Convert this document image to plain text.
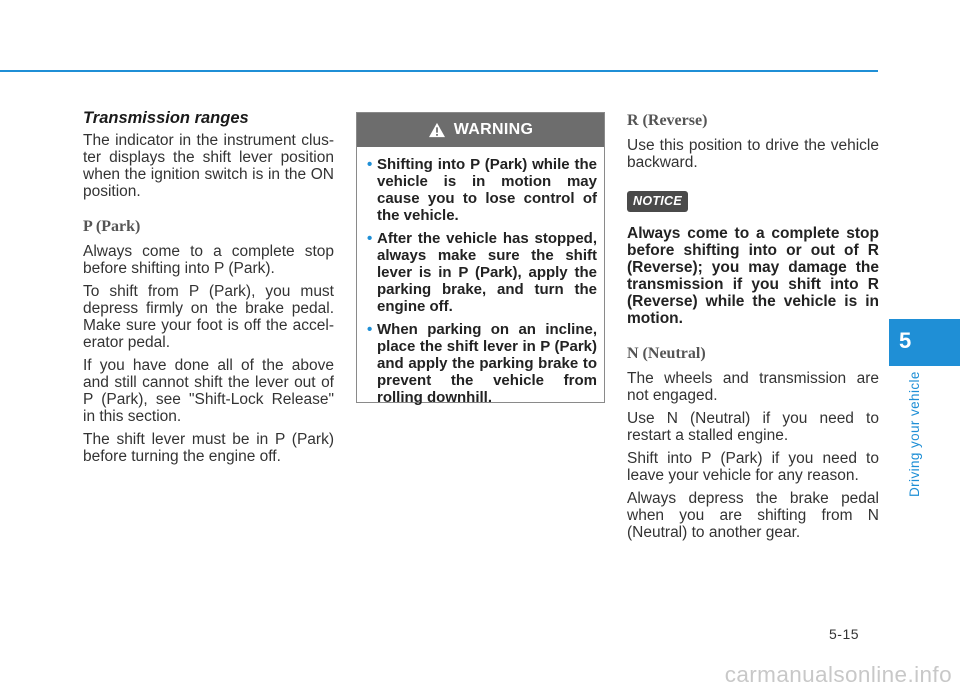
Transmission ranges

The indicator in the instrument clus-ter displays the shift lever position when the ignition switch is in the ON position.

P (Park)

Always come to a complete stop before shifting into P (Park).

To shift from P (Park), you must depress firmly on the brake pedal. Make sure your foot is off the accel-erator pedal.

If you have done all of the above and still cannot shift the lever out of P (Park), see "Shift-Lock Release" in this section.

The shift lever must be in P (Park) before turning the engine off.

WARNING
• Shifting into P (Park) while the vehicle is in motion may cause you to lose control of the vehicle.
• After the vehicle has stopped, always make sure the shift lever is in P (Park), apply the parking brake, and turn the engine off.
• When parking on an incline, place the shift lever in P (Park) and apply the parking brake to prevent the vehicle from rolling downhill.
R (Reverse)

Use this position to drive the vehicle backward.

NOTICE

Always come to a complete stop before shifting into or out of R (Reverse); you may damage the transmission if you shift into R (Reverse) while the vehicle is in motion.

N (Neutral)

The wheels and transmission are not engaged.

Use N (Neutral) if you need to restart a stalled engine.

Shift into P (Park) if you need to leave your vehicle for any reason.

Always depress the brake pedal when you are shifting from N (Neutral) to another gear.

5
Driving your vehicle
5-15
carmanualsonline.info
